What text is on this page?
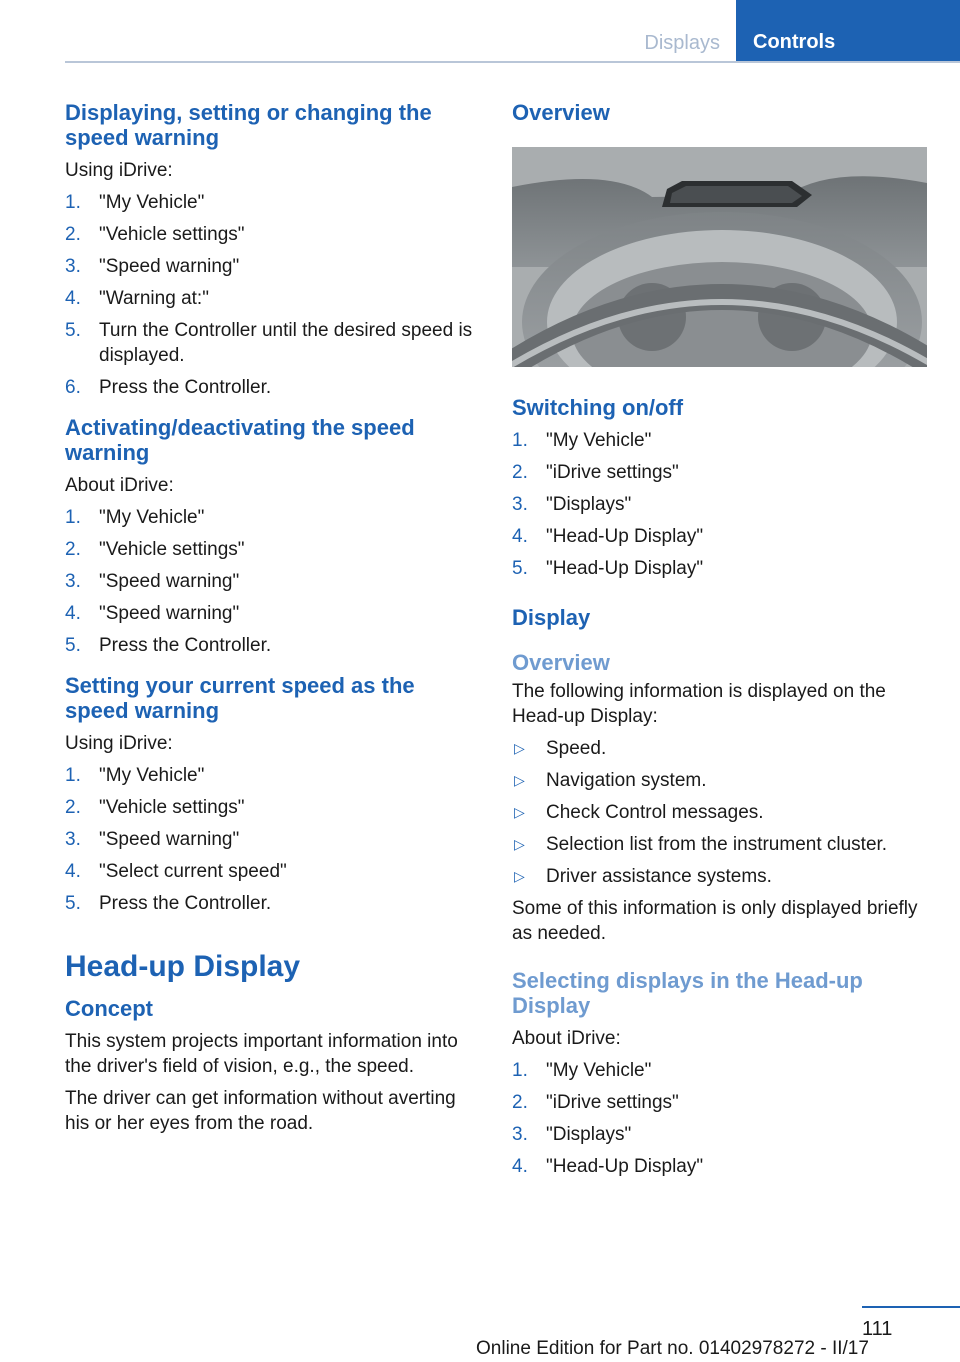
Displays Controls
Displaying, setting or changing the speed warning

Using iDrive:

1. "My Vehicle"
2. "Vehicle settings"
3. "Speed warning"
4. "Warning at:"
5. Turn the Controller until the desired speed is displayed.
6. Press the Controller.
Activating/deactivating the speed warning

About iDrive:

1. "My Vehicle"
2. "Vehicle settings"
3. "Speed warning"
4. "Speed warning"
5. Press the Controller.
Setting your current speed as the speed warning

Using iDrive:

1. "My Vehicle"
2. "Vehicle settings"
3. "Speed warning"
4. "Select current speed"
5. Press the Controller.
Head-up Display
Concept

This system projects important information into the driver's field of vision, e.g., the speed.

The driver can get information without averting his or her eyes from the road.

Overview
Switching on/off
1. "My Vehicle"
2. "iDrive settings"
3. "Displays"
4. "Head-Up Display"
5. "Head-Up Display"
Display
Overview

The following information is displayed on the Head-up Display:

▷ Speed.
▷ Navigation system.
▷ Check Control messages.
▷ Selection list from the instrument cluster.
▷ Driver assistance systems.

Some of this information is only displayed briefly as needed.

Selecting displays in the Head-up Display

About iDrive:

1. "My Vehicle"
2. "iDrive settings"
3. "Displays"
4. "Head-Up Display"
111
Online Edition for Part no. 01402978272 - II/17
